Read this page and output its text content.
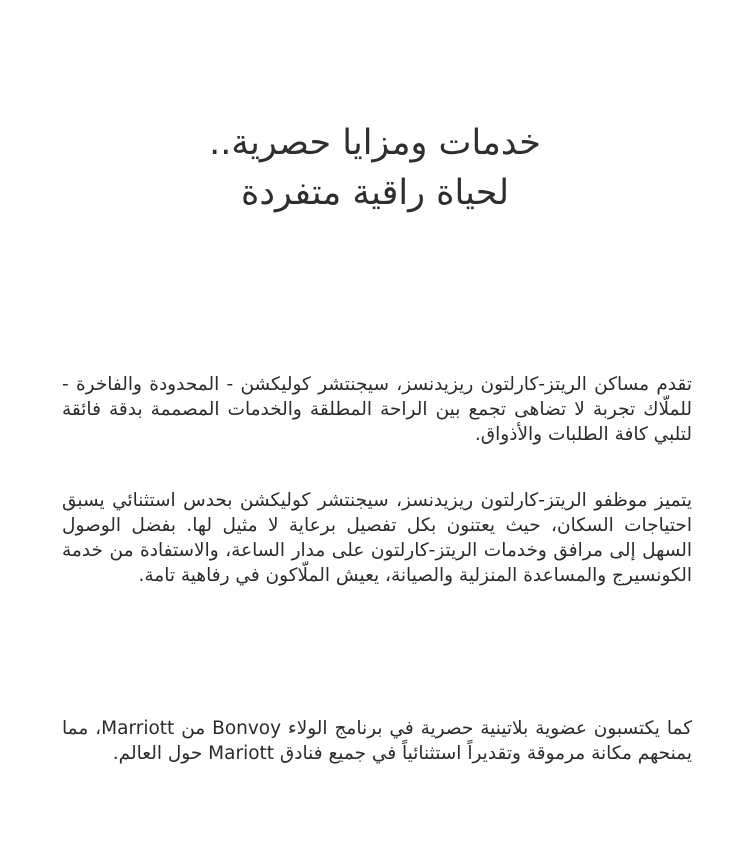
خدمات ومزايا حصرية..
لحياة راقية متفردة

تقدم مساكن الريتز-كارلتون ريزيدنسز، سيجنتشر كوليكشن - المحدودة والفاخرة - للملّاك تجربة لا تضاهى تجمع بين الراحة المطلقة والخدمات المصممة بدقة فائقة لتلبي كافة الطلبات والأذواق.

يتميز موظفو الريتز-كارلتون ريزيدنسز، سيجنتشر كوليكشن بحدس استثنائي يسبق احتياجات السكان، حيث يعتنون بكل تفصيل برعاية لا مثيل لها. بفضل الوصول السهل إلى مرافق وخدمات الريتز-كارلتون على مدار الساعة، والاستفادة من خدمة الكونسيرج والمساعدة المنزلية والصيانة، يعيش الملّاكون في رفاهية تامة.

كما يكتسبون عضوية بلاتينية حصرية في برنامج الولاء Bonvoy من Marriott، مما يمنحهم مكانة مرموقة وتقديراً استثنائياً في جميع فنادق Mariott حول العالم.
